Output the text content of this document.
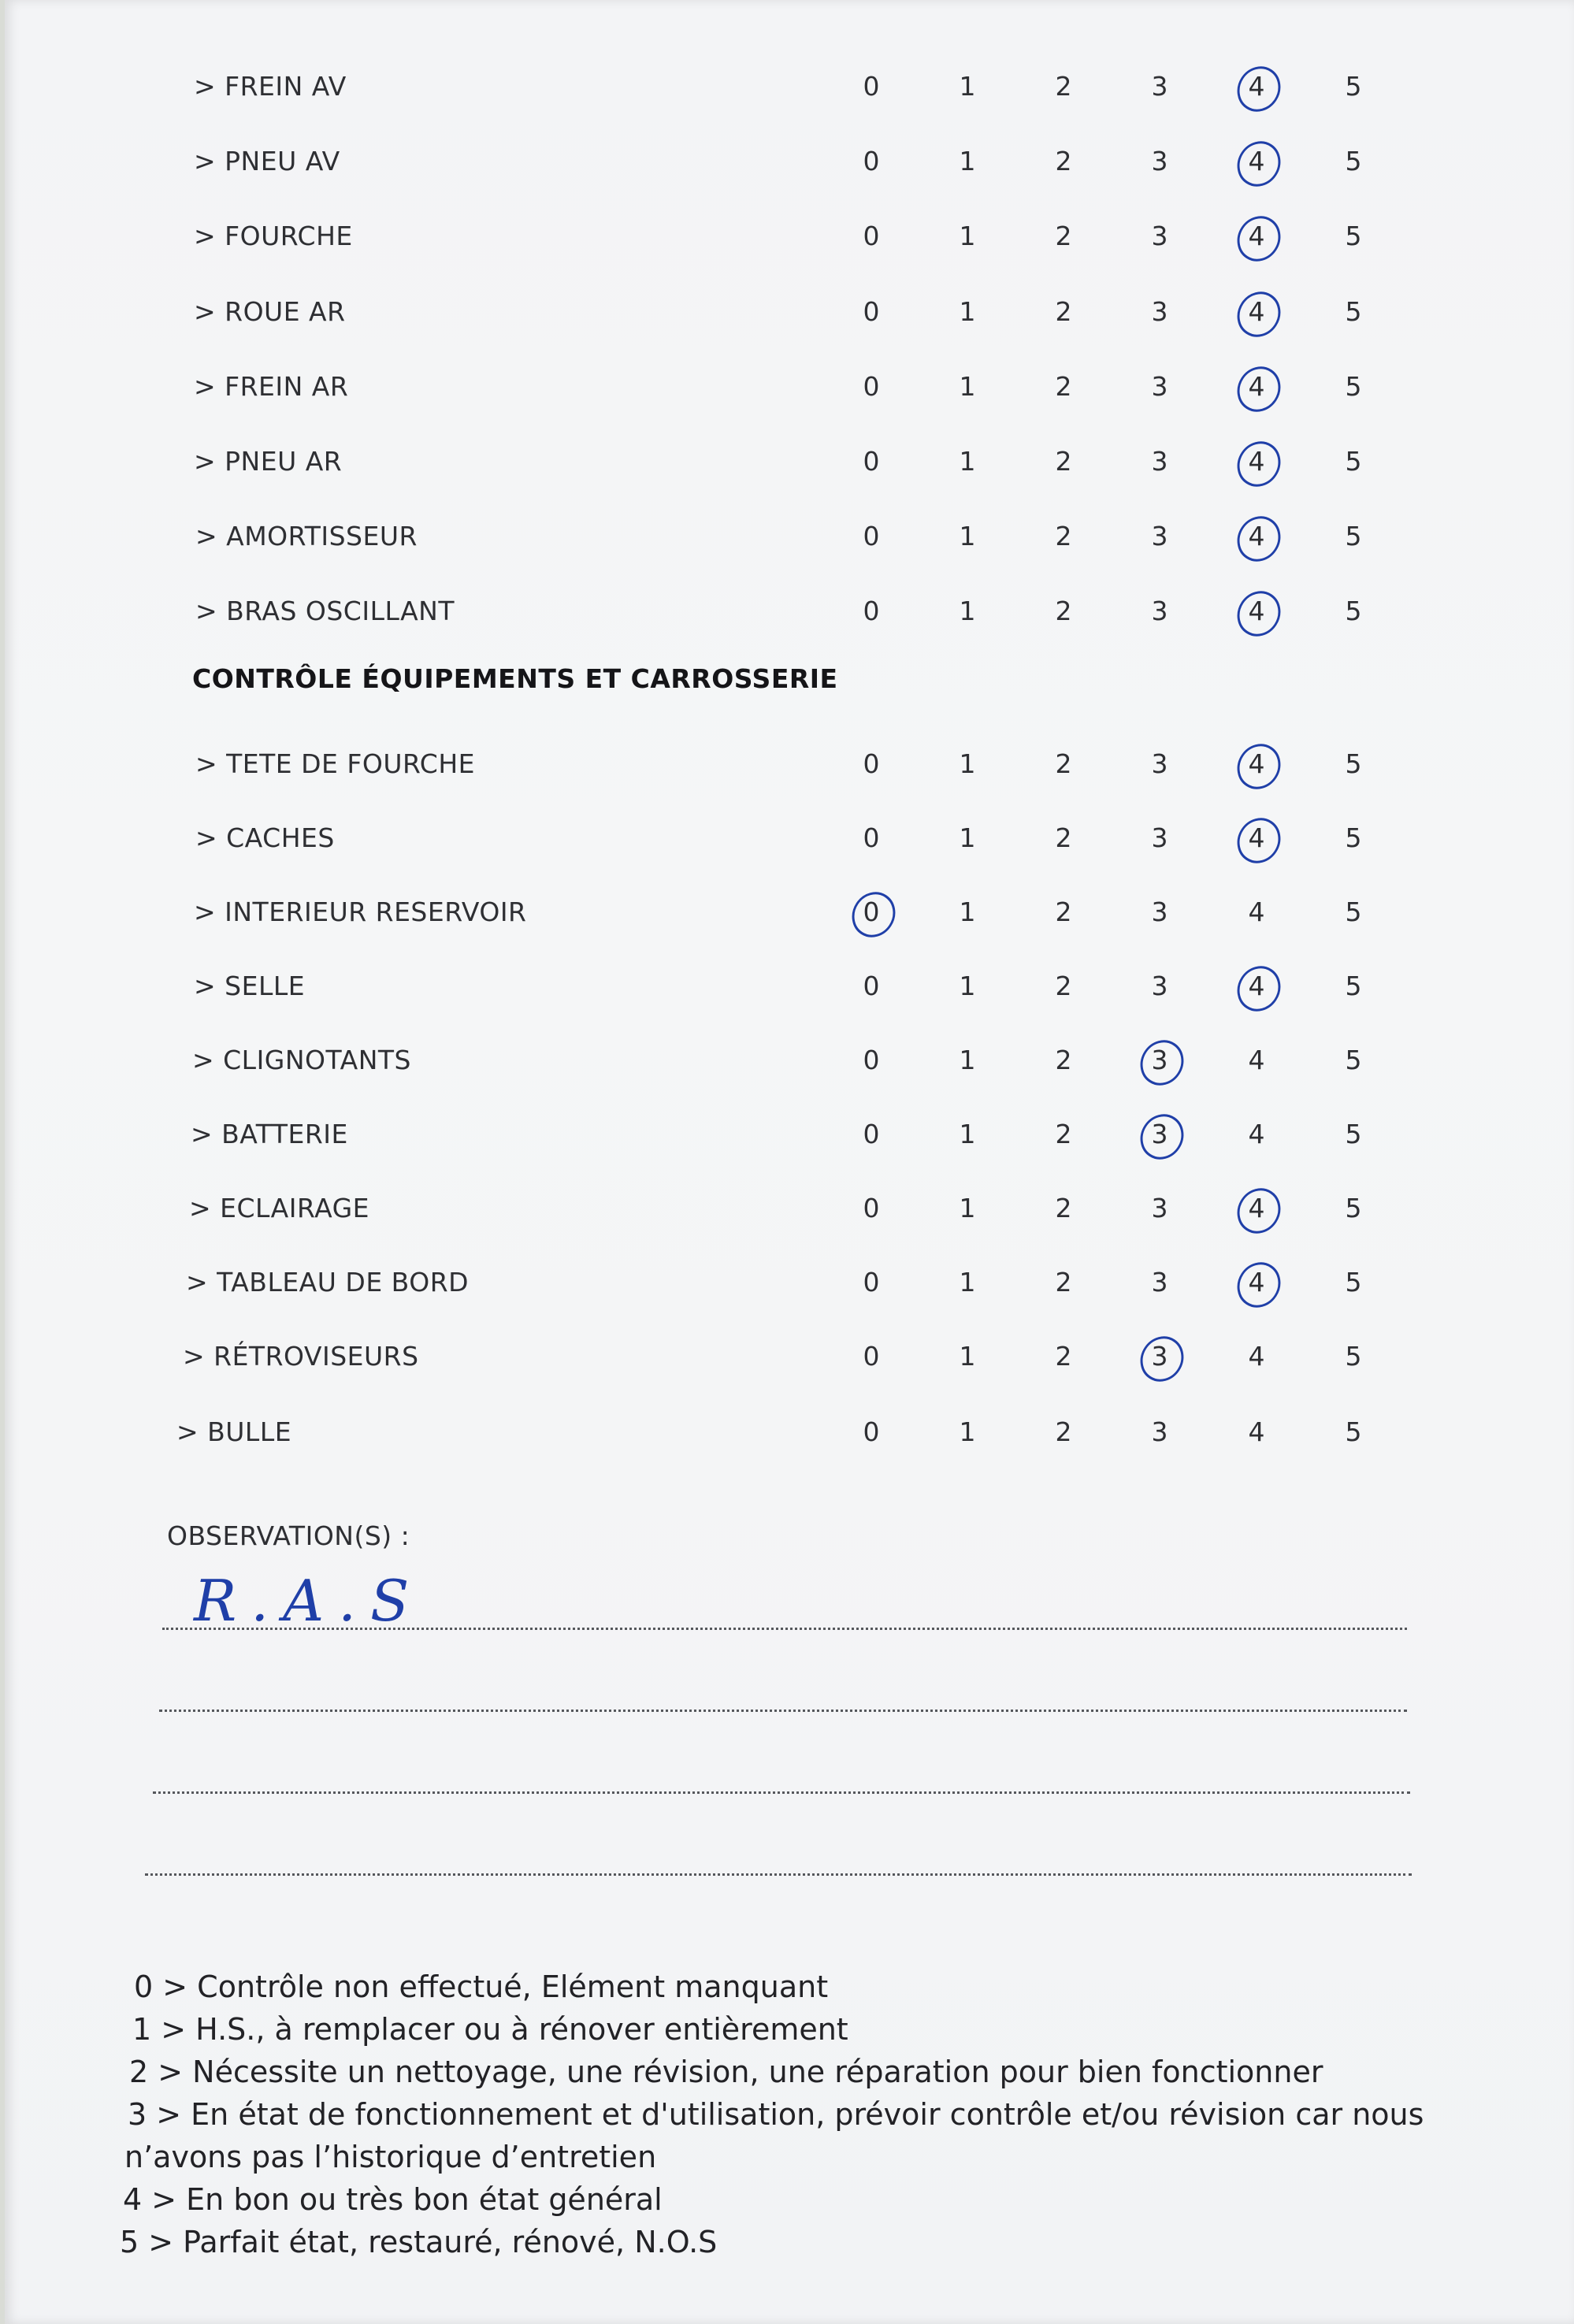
> FREIN AV	0	1	2	3	4	5
> PNEU AV	0	1	2	3	4	5
> FOURCHE	0	1	2	3	4	5
> ROUE AR	0	1	2	3	4	5
> FREIN AR	0	1	2	3	4	5
> PNEU AR	0	1	2	3	4	5
> AMORTISSEUR	0	1	2	3	4	5
> BRAS OSCILLANT	0	1	2	3	4	5
> TETE DE FOURCHE	0	1	2	3	4	5
> CACHES	0	1	2	3	4	5
> INTERIEUR RESERVOIR	0	1	2	3	4	5
> SELLE	0	1	2	3	4	5
> CLIGNOTANTS	0	1	2	3	4	5
> BATTERIE	0	1	2	3	4	5
> ECLAIRAGE	0	1	2	3	4	5
> TABLEAU DE BORD	0	1	2	3	4	5
> RÉTROVISEURS	0	1	2	3	4	5
> BULLE	0	1	2	3	4	5
CONTRÔLE ÉQUIPEMENTS ET CARROSSERIE
OBSERVATION(S) :
R.A.S
0 > Contrôle non effectué, Elément manquant
1 > H.S., à remplacer ou à rénover entièrement
2 > Nécessite un nettoyage, une révision, une réparation pour bien fonctionner
3 > En état de fonctionnement et d'utilisation, prévoir contrôle et/ou révision car nous
n’avons pas l’historique d’entretien
4 > En bon ou très bon état général
5 > Parfait état, restauré, rénové, N.O.S
